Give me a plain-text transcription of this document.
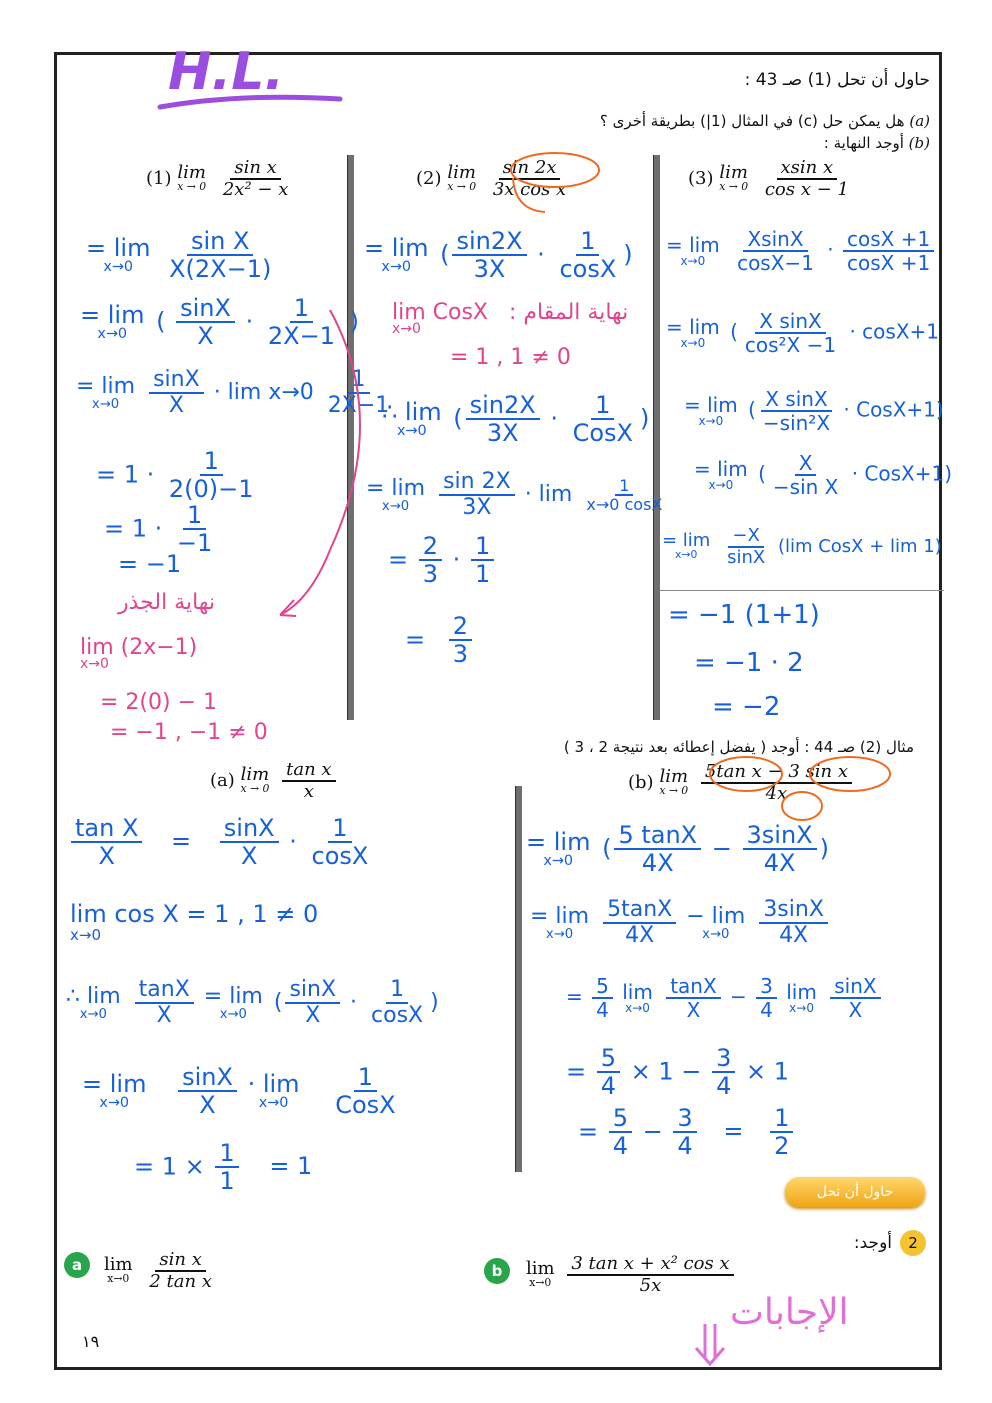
H.L.	حاول أن تحل (1) صـ 43 :
(a) هل يمكن حل (c) في المثال (1|) بطريقة أخرى ؟
(b) أوجد النهاية :
(1) lim
x → 0
$\frac{\text{sin x}}{\text{2x² − x}}$
= lim
x→0
$\frac{\text{sin X}}{X(2X-1)}$
= lim
x→0 ( $\frac{\sin X}{X} \cdot \frac{1}{2X-1}$ )
= lim
x→0
$\frac{\sin X}{X} \cdot \lim x\to 0 \frac{1}{2X-1}$
= $1 \cdot \frac{1}{2(0)-1}$
= $1 \cdot \frac{1}{-1}$
= −1
نهاية الجذر
lim (2x−1)
x→0
= 2(0) − 1
= −1 , −1 ≠ 0
(2) lim
x → 0
$\frac{\sin 2x}{\text{3x cos x}}$
= lim
x→0 ( $\frac{\sin 2X}{3X} \cdot \frac{1}{\cos X}$ )
lim CosX : نهاية المقام
x→0
= 1 , 1 ≠ 0
∴ lim
x→0 ( $\frac{\sin 2X}{3X} \cdot \frac{1}{\text{CosX}}$ )
= lim
x→0
$\frac{\sin 2X}{3X} \cdot \lim \frac{1}{x\to 0 \cos X}$
= $\frac{2}{3} \cdot \frac{1}{1}$
= $\frac{2}{3}$
(3) lim
x → 0
$\frac{\text{xsin x}}{\text{cos x − 1}}$
= lim
x→0
$\frac{XsinX}{\cos X-1} \cdot \frac{\cos X +1}{\cos X +1}$
= lim
x→0 ( $\frac{\text{X sinX}}{\text{cos²X −1}} \cdot \cos X+1$
= lim
x→0 ( $\frac{\text{X sinX}}{\text{−sin²X}}$ · CosX+1)
= lim
x→0 ( $\frac{X}{\text{−sin X}}$ · CosX+1)
= lim
x→0
$\frac{-X}{\sin X} (\lim$ CosX + lim 1)
= −1 (1+1)
= −1 · 2
= −2
مثال (2) صـ 44 : أوجد ( يفضل إعطائه بعد نتيجة 2 ، 3 )
(a) lim
x → 0
$\frac{\text{tan x}}{x}$
$\frac{\text{tan X}}{X} = \frac{\sin X}{X} \cdot \frac{1}{\cos X}$
lim cos X = 1 , 1 ≠ 0
x→0
∴ lim
x→0
$\frac{\tan X}{X}$
= lim
x→0 ( $\frac{\sin X}{X} \cdot \frac{1}{\cos X}$ )
= lim
x→0
$\frac{\sin X}{X}$
· lim
x→0
$\frac{1}{\text{CosX}}$
= $1 \times \frac{1}{1} = 1$
(b) lim
x → 0
$\frac{\text{5tan x − 3 sin x}}{4x}$
= lim
x→0 ( $\frac{5 \tan X}{4X} - \frac{3\sin X}{4X}$ )
= lim
x→0
$\frac{5\tan X}{4X}$
− lim
x→0
$\frac{3\sin X}{4X}$
= $\frac{5}{4}$
lim
x→0
$\frac{\tan X}{X} - \frac{3}{4}$
lim
x→0
$\frac{\sin X}{X}$
= $\frac{5}{4} \times 1 - \frac{3}{4} \times 1$
= $\frac{5}{4} - \frac{3}{4} = \frac{1}{2}$
حاول أن تحل
2
أوجد:
a	lim
x→0
$\frac{\text{sin x}}{\text{2 tan x}}$	b	lim
x→0
$\frac{\text{3 tan x + x² cos x}}{5x}$
الإجابات
١٩
